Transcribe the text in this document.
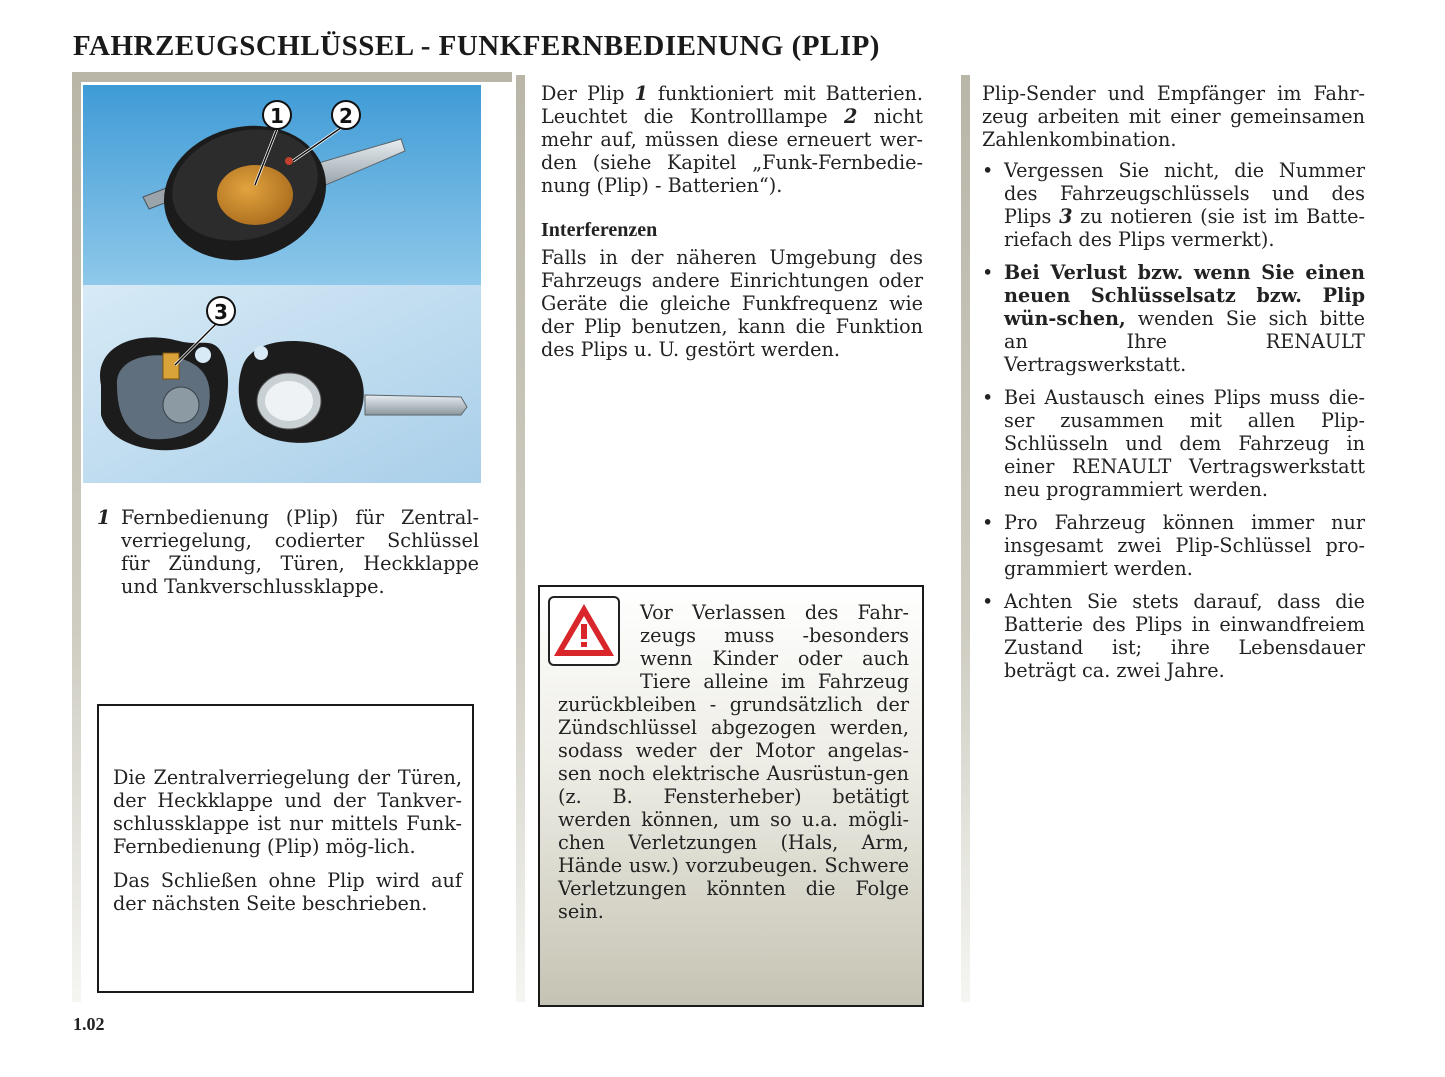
FAHRZEUGSCHLÜSSEL - FUNKFERNBEDIENUNG (PLIP)
1	2
3
1 Fernbedienung (Plip) für Zentral-verriegelung, codierter Schlüssel für Zündung, Türen, Heckklappe und Tankverschlussklappe.

Die Zentralverriegelung der Türen, der Heckklappe und der Tankver-schlussklappe ist nur mittels Funk-Fernbedienung (Plip) mög-lich.

Das Schließen ohne Plip wird auf der nächsten Seite beschrieben.

Der Plip 1 funktioniert mit Batterien. Leuchtet die Kontrolllampe 2 nicht mehr auf, müssen diese erneuert wer-den (siehe Kapitel „Funk-Fernbedie-nung (Plip) - Batterien“).

Interferenzen

Falls in der näheren Umgebung des Fahrzeugs andere Einrichtungen oder Geräte die gleiche Funkfrequenz wie der Plip benutzen, kann die Funktion des Plips u. U. gestört werden.

Vor Verlassen des Fahr-zeugs muss -besonders wenn Kinder oder auch Tiere alleine im Fahrzeug zurückbleiben - grundsätzlich der Zündschlüssel abgezogen werden, sodass weder der Motor angelas-sen noch elektrische Ausrüstun-gen (z. B. Fensterheber) betätigt werden können, um so u.a. mögli-chen Verletzungen (Hals, Arm, Hände usw.) vorzubeugen. Schwere Verletzungen könnten die Folge sein.

Plip-Sender und Empfänger im Fahr-zeug arbeiten mit einer gemeinsamen Zahlenkombination.

• Vergessen Sie nicht, die Nummer des Fahrzeugschlüssels und des Plips 3 zu notieren (sie ist im Batte-riefach des Plips vermerkt).
• Bei Verlust bzw. wenn Sie einen neuen Schlüsselsatz bzw. Plip wün-schen, wenden Sie sich bitte an Ihre RENAULT Vertragswerkstatt.
• Bei Austausch eines Plips muss die-ser zusammen mit allen Plip-Schlüsseln und dem Fahrzeug in einer RENAULT Vertragswerkstatt neu programmiert werden.
• Pro Fahrzeug können immer nur insgesamt zwei Plip-Schlüssel pro-grammiert werden.
• Achten Sie stets darauf, dass die Batterie des Plips in einwandfreiem Zustand ist; ihre Lebensdauer beträgt ca. zwei Jahre.
1.02
